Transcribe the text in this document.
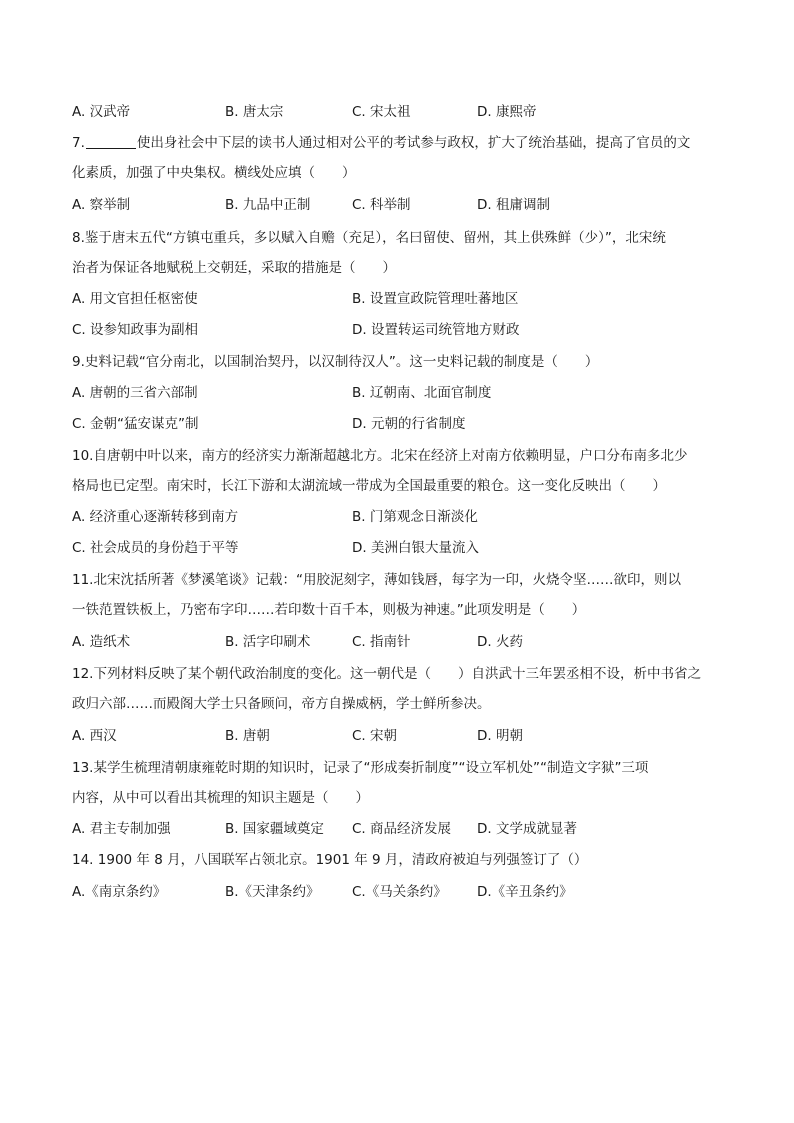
A. 汉武帝	B. 唐太宗	C. 宋太祖	D. 康熙帝
7.	使出身社会中下层的读书人通过相对公平的考试参与政权，扩大了统治基础，提高了官员的文
化素质，加强了中央集权。横线处应填（　　）
A. 察举制	B. 九品中正制	C. 科举制	D. 租庸调制
8.鉴于唐末五代“方镇屯重兵，多以赋入自赡（充足），名曰留使、留州，其上供殊鲜（少）”，北宋统
治者为保证各地赋税上交朝廷，采取的措施是（　　）
A. 用文官担任枢密使	B. 设置宣政院管理吐蕃地区
C. 设参知政事为副相	D. 设置转运司统管地方财政
9.史料记载“官分南北，以国制治契丹，以汉制待汉人”。这一史料记载的制度是（　　）
A. 唐朝的三省六部制	B. 辽朝南、北面官制度
C. 金朝“猛安谋克”制	D. 元朝的行省制度
10.自唐朝中叶以来，南方的经济实力渐渐超越北方。北宋在经济上对南方依赖明显，户口分布南多北少
格局也已定型。南宋时，长江下游和太湖流域一带成为全国最重要的粮仓。这一变化反映出（　　）
A. 经济重心逐渐转移到南方	B. 门第观念日渐淡化
C. 社会成员的身份趋于平等	D. 美洲白银大量流入
11.北宋沈括所著《梦溪笔谈》记载：“用胶泥刻字，薄如钱唇，每字为一印，火烧令坚……欲印，则以
一铁范置铁板上，乃密布字印……若印数十百千本，则极为神速。”此项发明是（　　）
A. 造纸术	B. 活字印刷术	C. 指南针	D. 火药
12.下列材料反映了某个朝代政治制度的变化。这一朝代是（　　）自洪武十三年罢丞相不设，析中书省之
政归六部……而殿阁大学士只备顾问，帝方自操威柄，学士鲜所参决。
A. 西汉	B. 唐朝	C. 宋朝	D. 明朝
13.某学生梳理清朝康雍乾时期的知识时，记录了“形成奏折制度”“设立军机处”“制造文字狱”三项
内容，从中可以看出其梳理的知识主题是（　　）
A. 君主专制加强	B. 国家疆域奠定 C. 商品经济发展 D. 文学成就显著
14. 1900 年 8 月，八国联军占领北京。1901 年 9 月，清政府被迫与列强签订了（）
A.《南京条约》	B.《天津条约》 C.《马关条约》 D.《辛丑条约》
